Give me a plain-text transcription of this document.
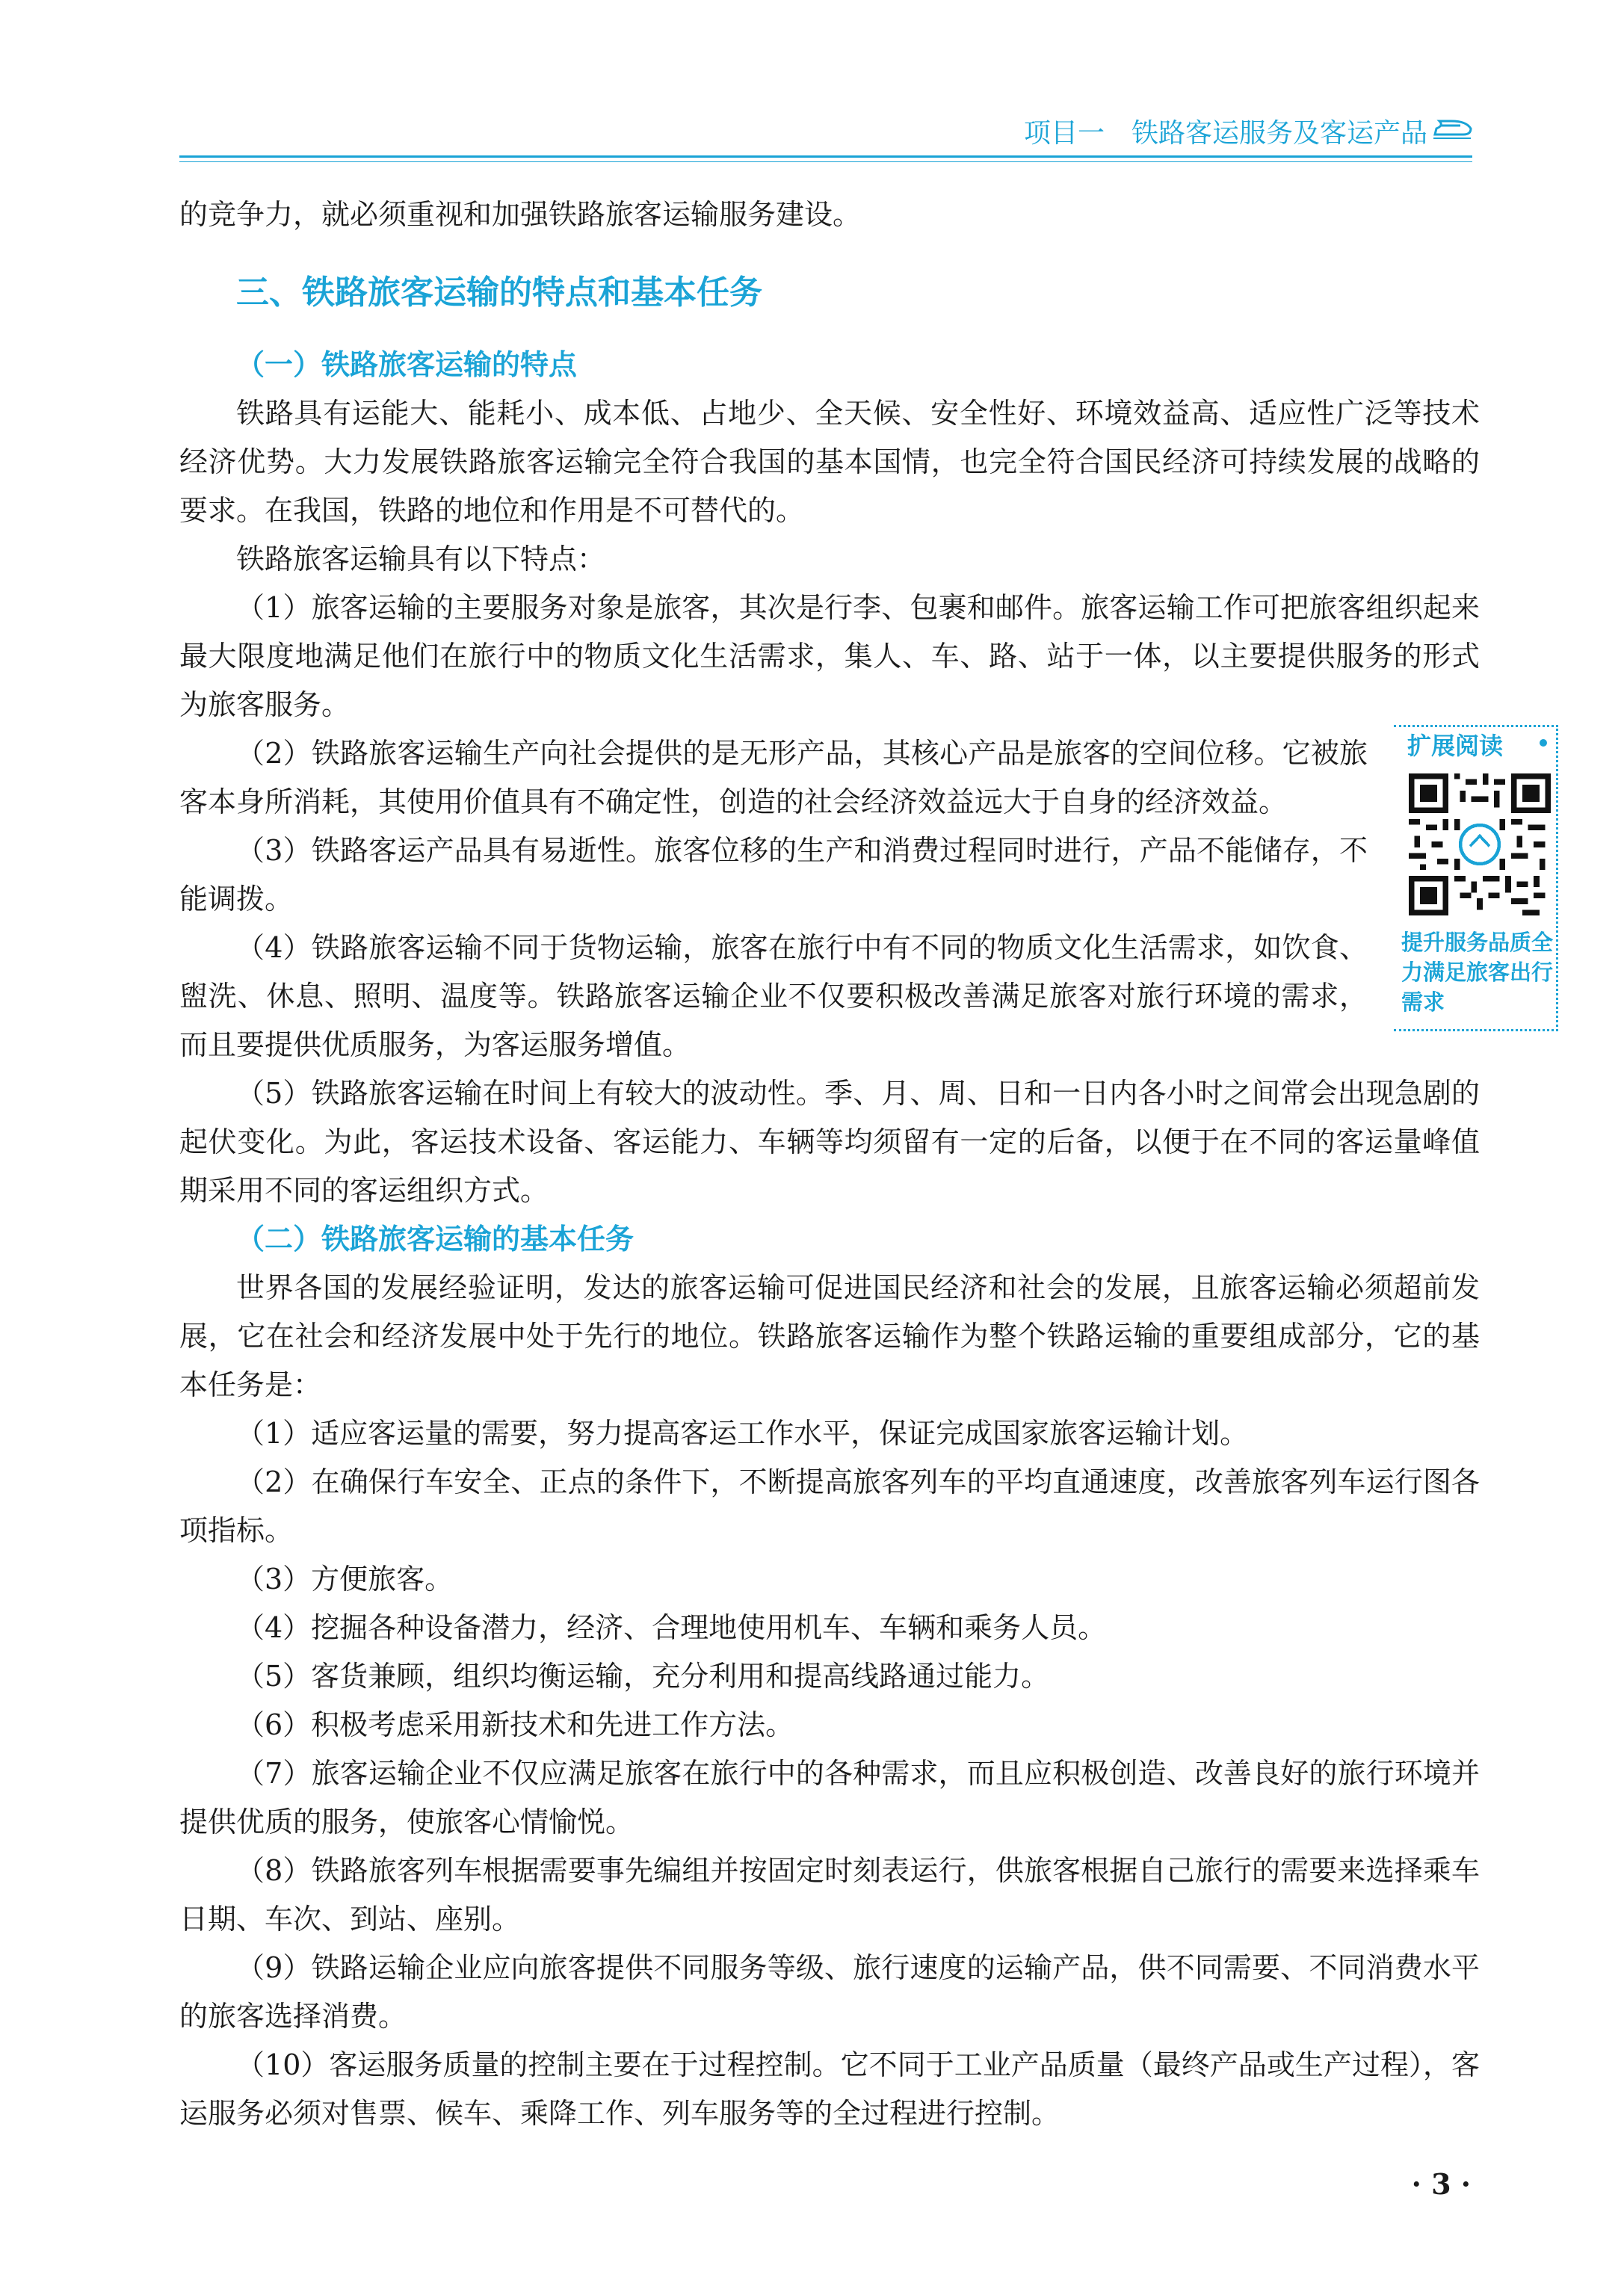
项目一　铁路客运服务及客运产品

的竞争力，就必须重视和加强铁路旅客运输服务建设。

三、铁路旅客运输的特点和基本任务
（一）铁路旅客运输的特点

铁路具有运能大、能耗小、成本低、占地少、全天候、安全性好、环境效益高、适应性广泛等技术经济优势。大力发展铁路旅客运输完全符合我国的基本国情，也完全符合国民经济可持续发展的战略的要求。在我国，铁路的地位和作用是不可替代的。

铁路旅客运输具有以下特点：

（1）旅客运输的主要服务对象是旅客，其次是行李、包裹和邮件。旅客运输工作可把旅客组织起来最大限度地满足他们在旅行中的物质文化生活需求，集人、车、路、站于一体，以主要提供服务的形式为旅客服务。

（2）铁路旅客运输生产向社会提供的是无形产品，其核心产品是旅客的空间位移。它被旅客本身所消耗，其使用价值具有不确定性，创造的社会经济效益远大于自身的经济效益。

（3）铁路客运产品具有易逝性。旅客位移的生产和消费过程同时进行，产品不能储存，不能调拨。

（4）铁路旅客运输不同于货物运输，旅客在旅行中有不同的物质文化生活需求，如饮食、盥洗、休息、照明、温度等。铁路旅客运输企业不仅要积极改善满足旅客对旅行环境的需求，而且要提供优质服务，为客运服务增值。

（5）铁路旅客运输在时间上有较大的波动性。季、月、周、日和一日内各小时之间常会出现急剧的起伏变化。为此，客运技术设备、客运能力、车辆等均须留有一定的后备，以便于在不同的客运量峰值期采用不同的客运组织方式。

（二）铁路旅客运输的基本任务

世界各国的发展经验证明，发达的旅客运输可促进国民经济和社会的发展，且旅客运输必须超前发展，它在社会和经济发展中处于先行的地位。铁路旅客运输作为整个铁路运输的重要组成部分，它的基本任务是：

（1）适应客运量的需要，努力提高客运工作水平，保证完成国家旅客运输计划。

（2）在确保行车安全、正点的条件下，不断提高旅客列车的平均直通速度，改善旅客列车运行图各项指标。

（3）方便旅客。

（4）挖掘各种设备潜力，经济、合理地使用机车、车辆和乘务人员。

（5）客货兼顾，组织均衡运输，充分利用和提高线路通过能力。

（6）积极考虑采用新技术和先进工作方法。

（7）旅客运输企业不仅应满足旅客在旅行中的各种需求，而且应积极创造、改善良好的旅行环境并提供优质的服务，使旅客心情愉悦。

（8）铁路旅客列车根据需要事先编组并按固定时刻表运行，供旅客根据自己旅行的需要来选择乘车日期、车次、到站、座别。

（9）铁路运输企业应向旅客提供不同服务等级、旅行速度的运输产品，供不同需要、不同消费水平的旅客选择消费。

（10）客运服务质量的控制主要在于过程控制。它不同于工业产品质量（最终产品或生产过程），客运服务必须对售票、候车、乘降工作、列车服务等的全过程进行控制。

扩展阅读
提升服务品质全力满足旅客出行需求
· 3 ·
